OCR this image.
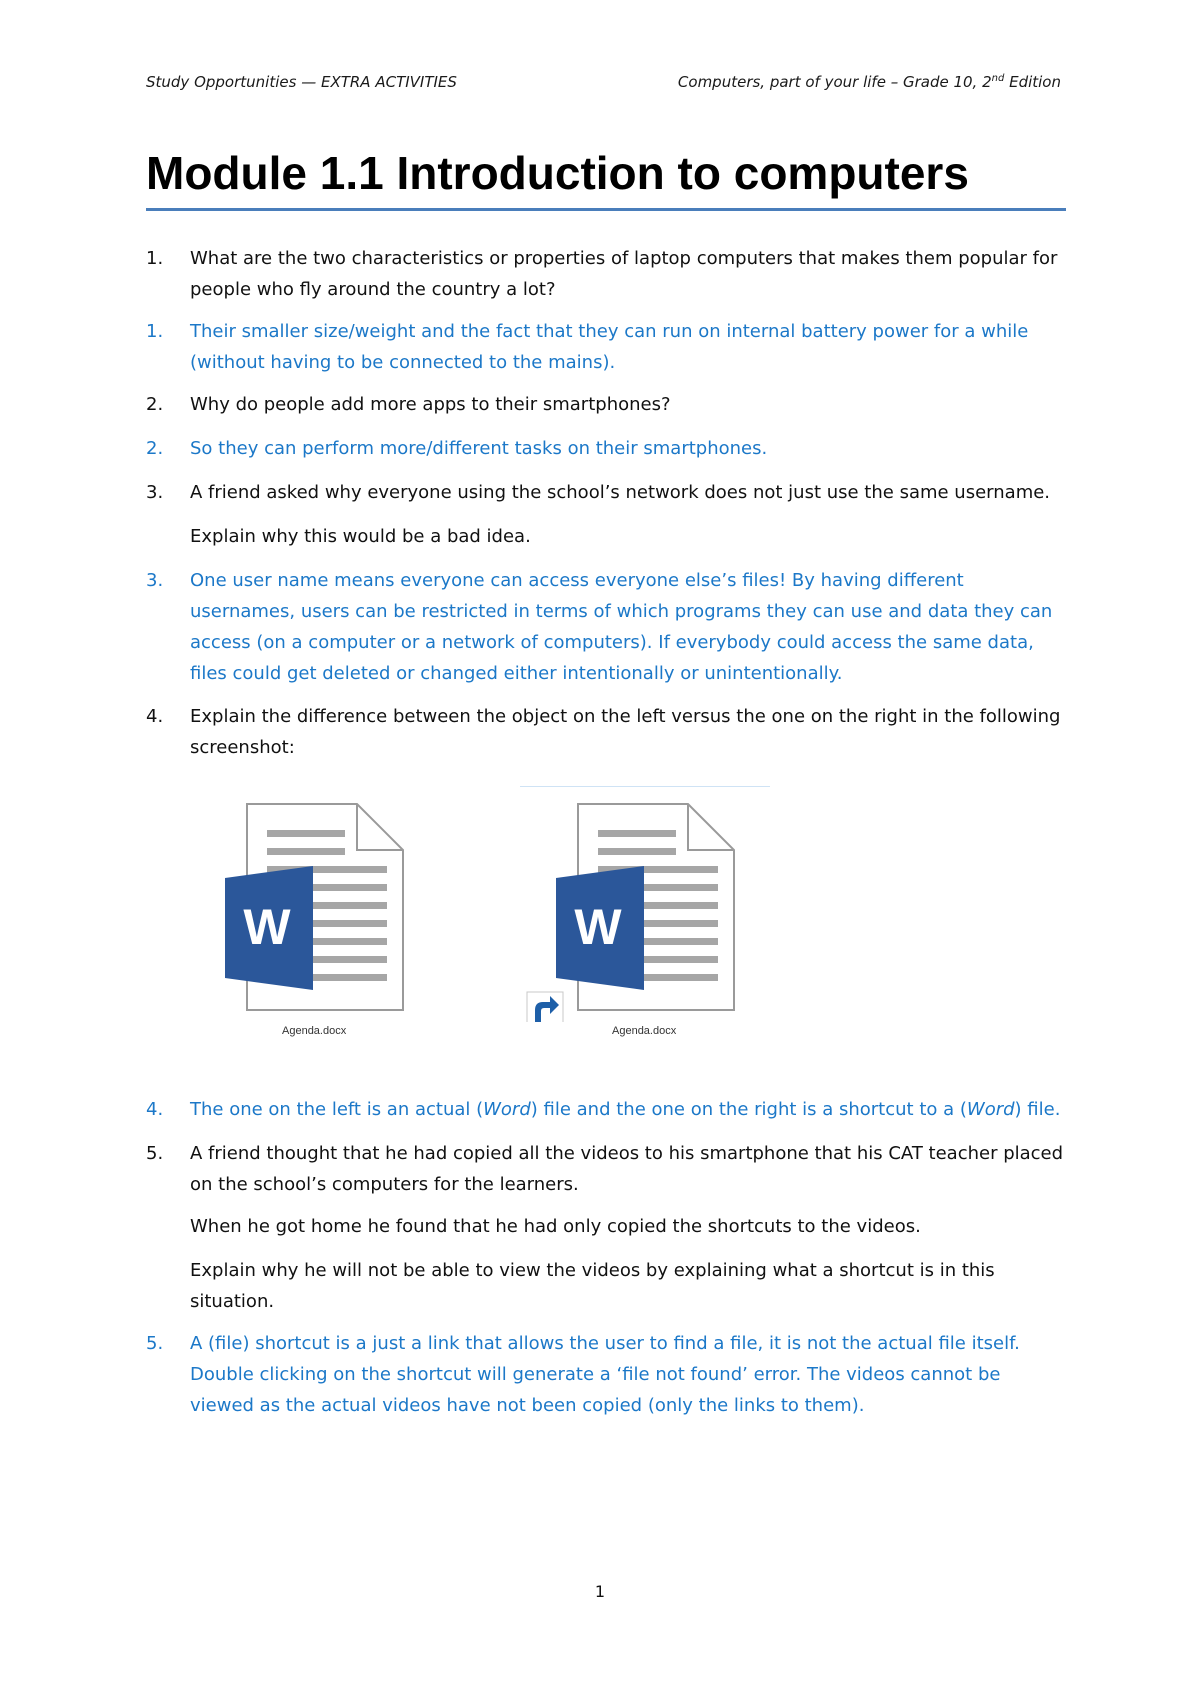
Study Opportunities — EXTRA ACTIVITIES	Computers, part of your life – Grade 10, 2nd Edition
Module 1.1 Introduction to computers
1. What are the two characteristics or properties of laptop computers that makes them popular for people who fly around the country a lot?
1. Their smaller size/weight and the fact that they can run on internal battery power for a while (without having to be connected to the mains).
2. Why do people add more apps to their smartphones?
2. So they can perform more/different tasks on their smartphones.
3. A friend asked why everyone using the school’s network does not just use the same username.
Explain why this would be a bad idea.
3. One user name means everyone can access everyone else’s files! By having different usernames, users can be restricted in terms of which programs they can use and data they can access (on a computer or a network of computers). If everybody could access the same data, files could get deleted or changed either intentionally or unintentionally.
4. Explain the difference between the object on the left versus the one on the right in the following screenshot:
W
Agenda.docx
W
Agenda.docx
4. The one on the left is an actual (Word) file and the one on the right is a shortcut to a (Word) file.
5. A friend thought that he had copied all the videos to his smartphone that his CAT teacher placed on the school’s computers for the learners.
When he got home he found that he had only copied the shortcuts to the videos.
Explain why he will not be able to view the videos by explaining what a shortcut is in this situation.
5. A (file) shortcut is a just a link that allows the user to find a file, it is not the actual file itself. Double clicking on the shortcut will generate a ‘file not found’ error. The videos cannot be viewed as the actual videos have not been copied (only the links to them).
1
